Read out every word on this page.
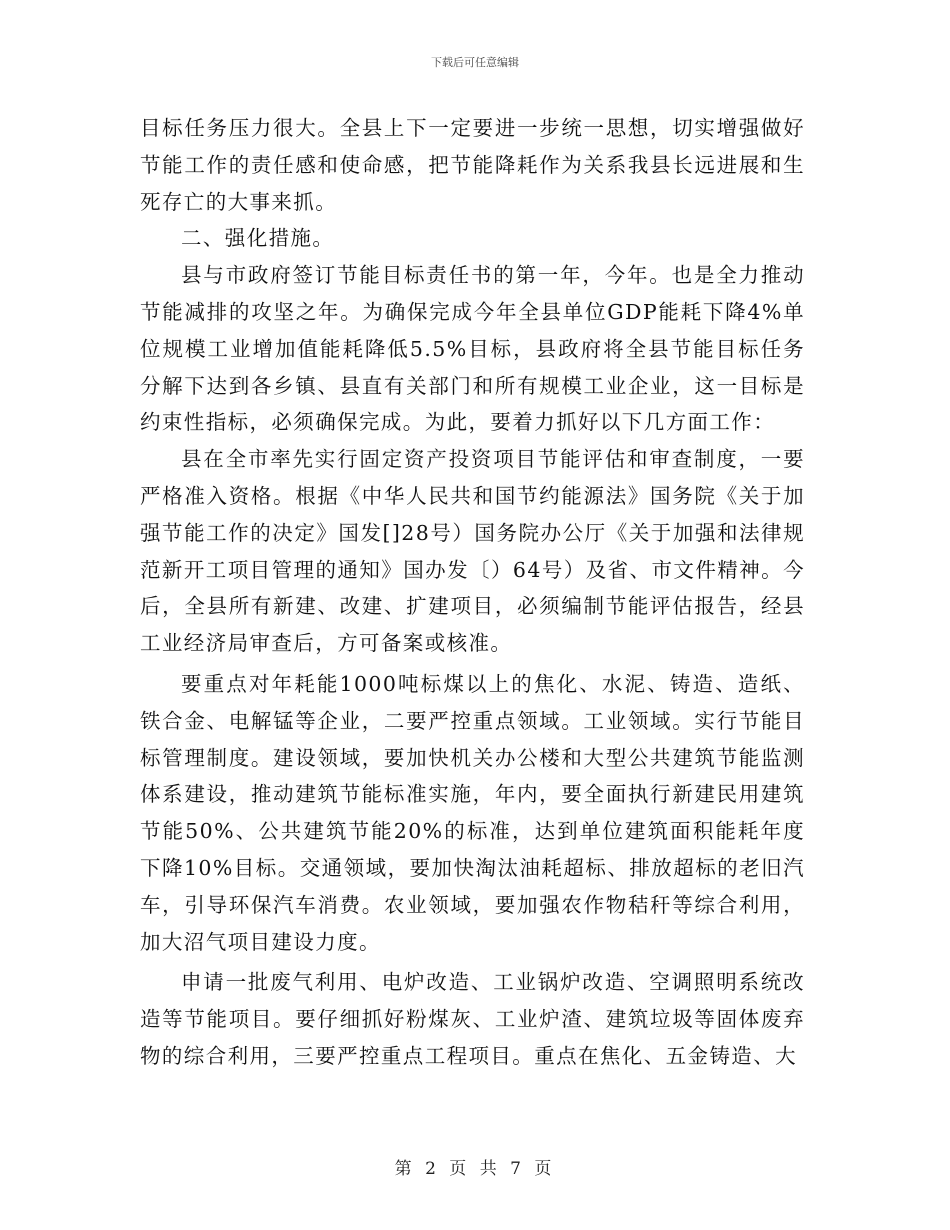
下载后可任意编辑

目标任务压力很大。全县上下一定要进一步统一思想，切实增强做好节能工作的责任感和使命感，把节能降耗作为关系我县长远进展和生死存亡的大事来抓。

二、强化措施。

县与市政府签订节能目标责任书的第一年，今年。也是全力推动节能减排的攻坚之年。为确保完成今年全县单位GDP能耗下降4%单位规模工业增加值能耗降低5.5%目标，县政府将全县节能目标任务分解下达到各乡镇、县直有关部门和所有规模工业企业，这一目标是约束性指标，必须确保完成。为此，要着力抓好以下几方面工作：

县在全市率先实行固定资产投资项目节能评估和审查制度，一要严格准入资格。根据《中华人民共和国节约能源法》国务院《关于加强节能工作的决定》国发[]28号）国务院办公厅《关于加强和法律规范新开工项目管理的通知》国办发〔）64号）及省、市文件精神。今后，全县所有新建、改建、扩建项目，必须编制节能评估报告，经县工业经济局审查后，方可备案或核准。

要重点对年耗能1000吨标煤以上的焦化、水泥、铸造、造纸、铁合金、电解锰等企业，二要严控重点领域。工业领域。实行节能目标管理制度。建设领域，要加快机关办公楼和大型公共建筑节能监测体系建设，推动建筑节能标准实施，年内，要全面执行新建民用建筑节能50%、公共建筑节能20%的标准，达到单位建筑面积能耗年度下降10%目标。交通领域，要加快淘汰油耗超标、排放超标的老旧汽车，引导环保汽车消费。农业领域，要加强农作物秸秆等综合利用，加大沼气项目建设力度。

申请一批废气利用、电炉改造、工业锅炉改造、空调照明系统改造等节能项目。要仔细抓好粉煤灰、工业炉渣、建筑垃圾等固体废弃物的综合利用，三要严控重点工程项目。重点在焦化、五金铸造、大

第 2 页 共 7 页
